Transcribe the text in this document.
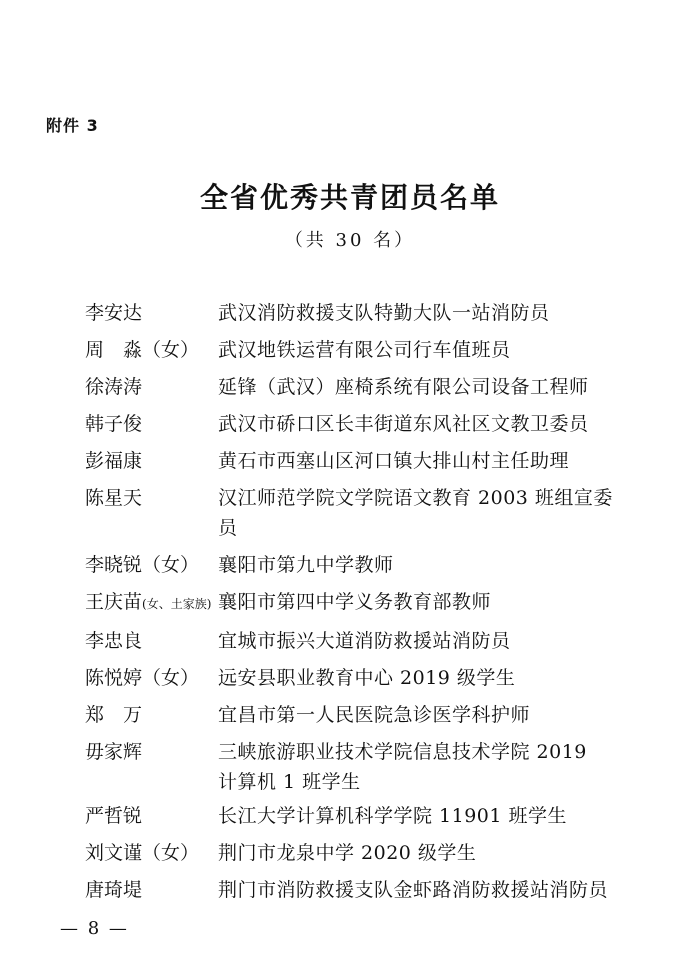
附件 3
全省优秀共青团员名单
（共 30 名）
李安达	武汉消防救援支队特勤大队一站消防员
周　淼（女） 武汉地铁运营有限公司行车值班员
徐涛涛	延锋（武汉）座椅系统有限公司设备工程师
韩子俊	武汉市硚口区长丰街道东风社区文教卫委员
彭福康	黄石市西塞山区河口镇大排山村主任助理
陈星天	汉江师范学院文学院语文教育 2003 班组宣委员
李晓锐（女） 襄阳市第九中学教师
王庆苗(女、土家族) 襄阳市第四中学义务教育部教师
李忠良	宜城市振兴大道消防救援站消防员
陈悦婷（女） 远安县职业教育中心 2019 级学生
郑　万	宜昌市第一人民医院急诊医学科护师
毋家辉	三峡旅游职业技术学院信息技术学院 2019 计算机 1 班学生
严哲锐	长江大学计算机科学学院 11901 班学生
刘文谨（女） 荆门市龙泉中学 2020 级学生
唐琦堤	荆门市消防救援支队金虾路消防救援站消防员
— 8 —
